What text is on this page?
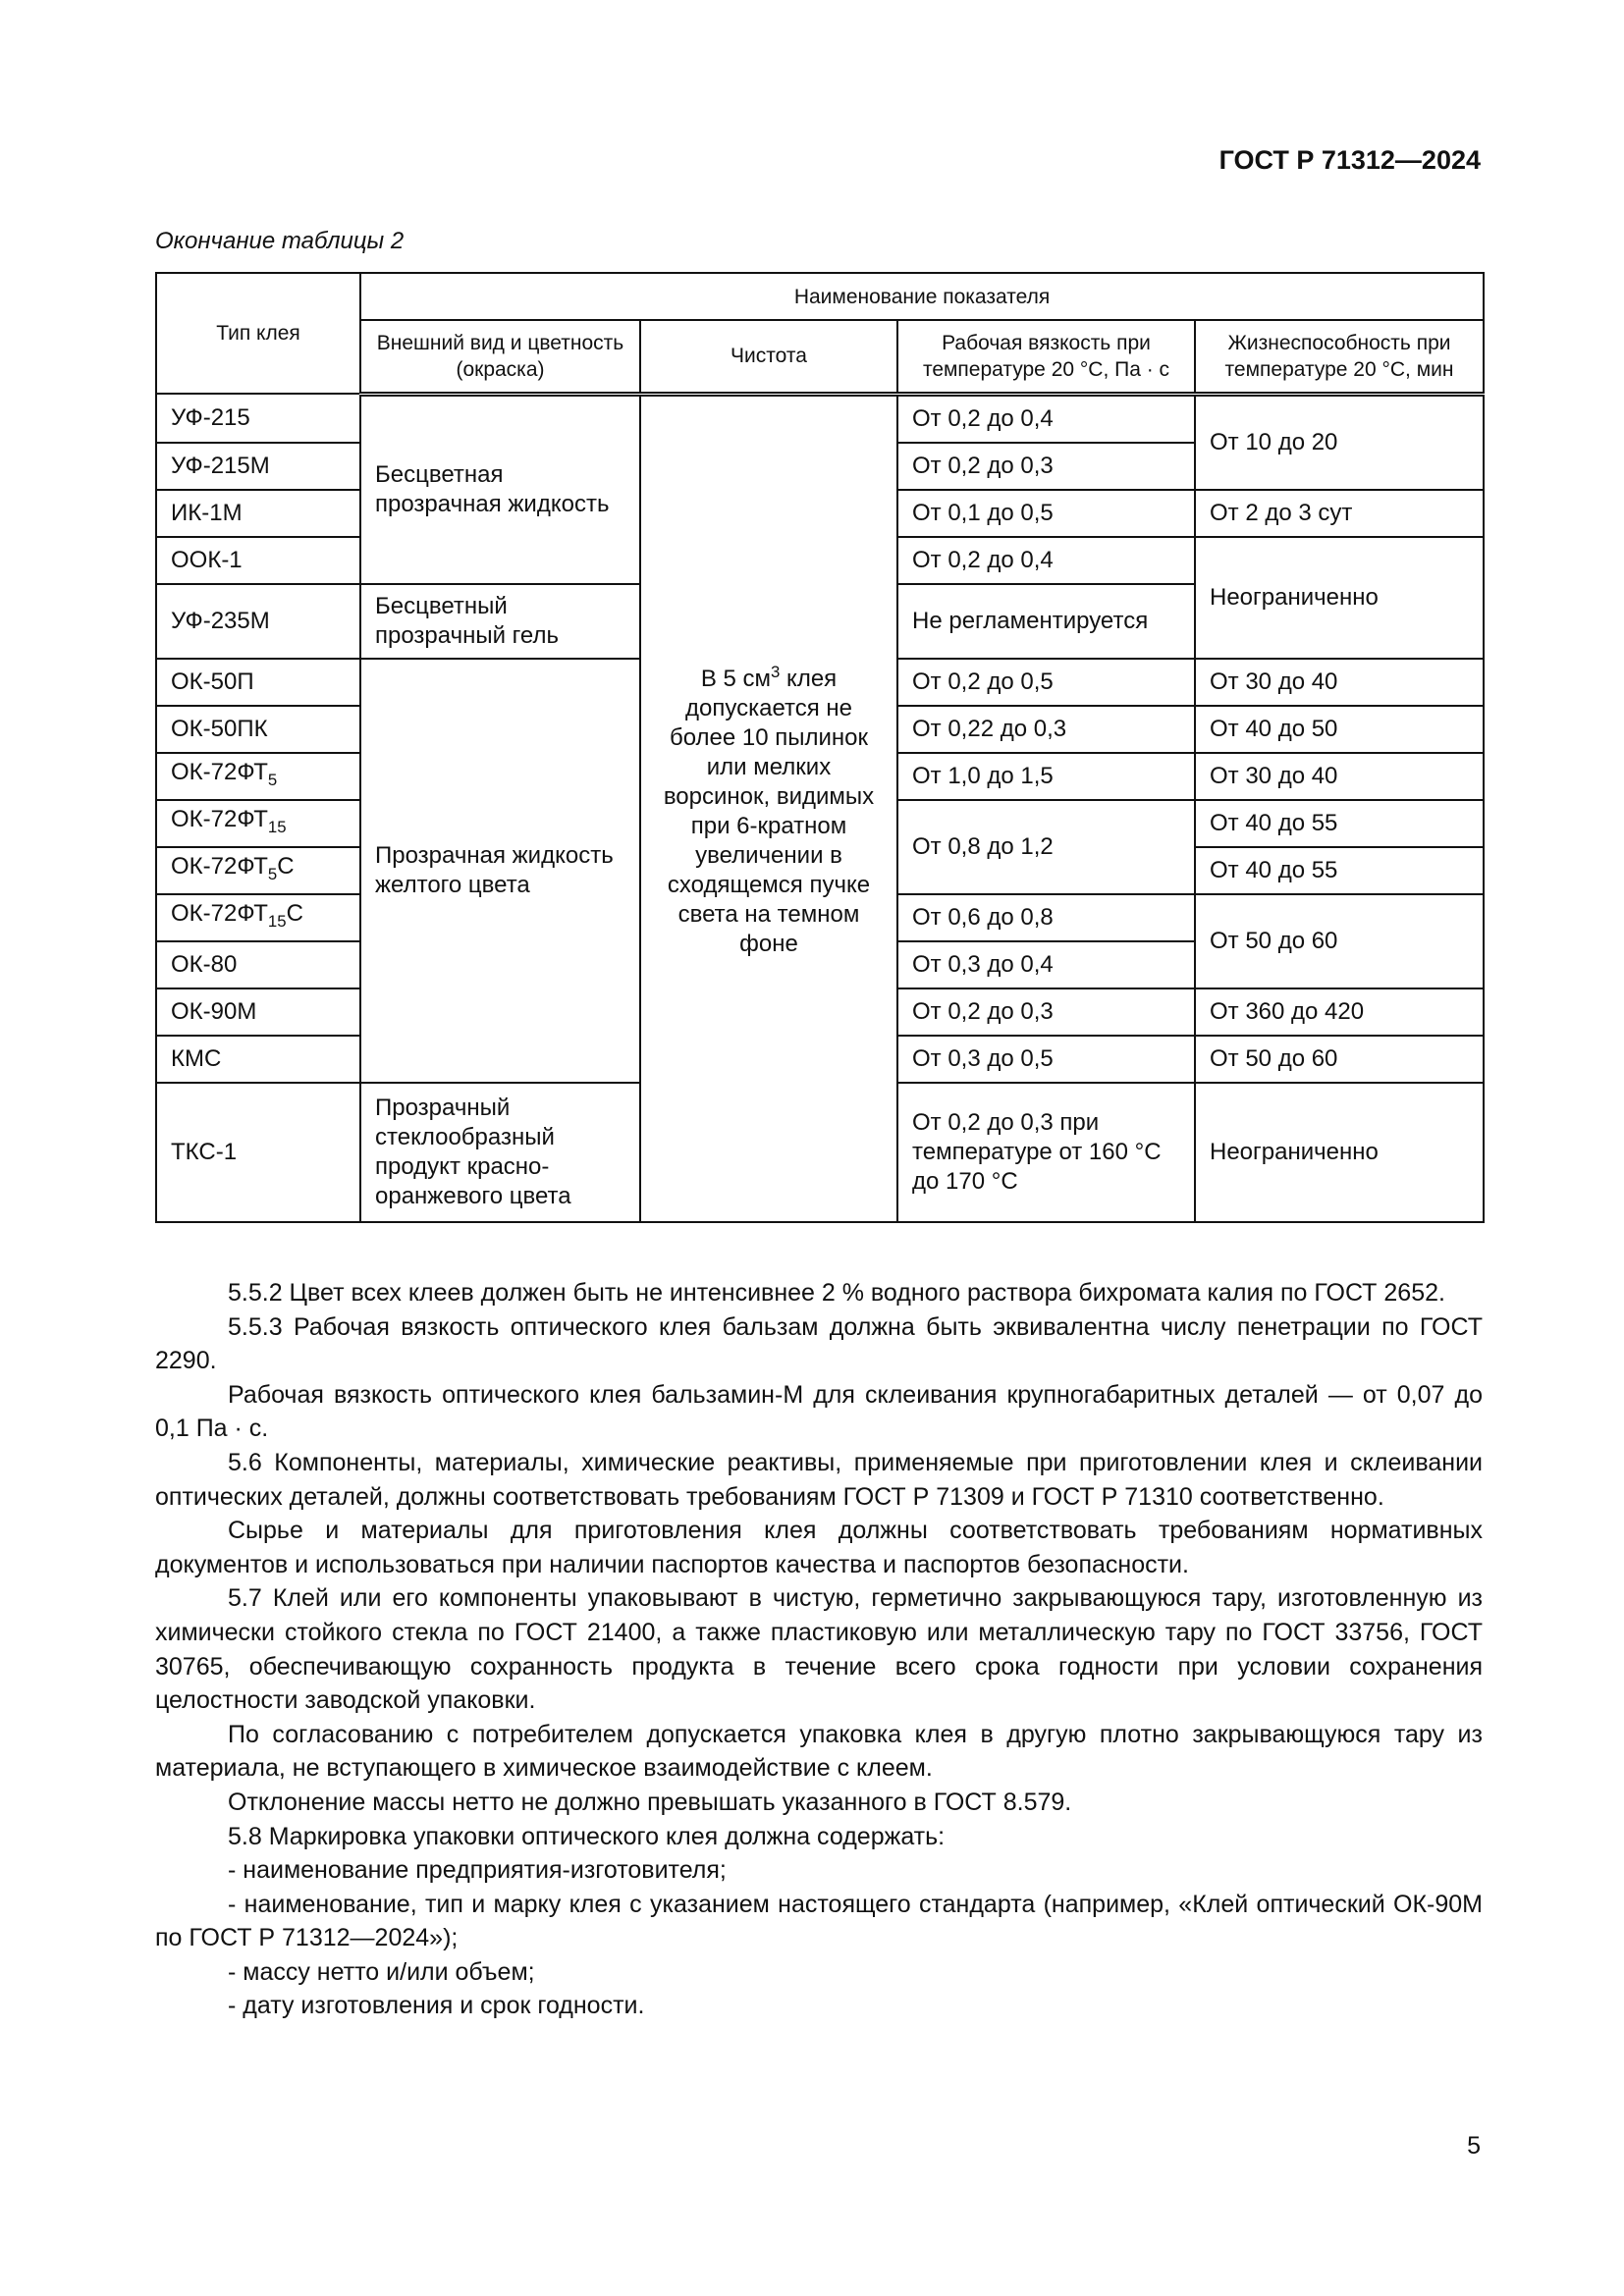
ГОСТ Р 71312—2024
Окончание таблицы 2
Тип клея	Наименование показателя			
	Внешний вид и цветность (окраска)	Чистота	Рабочая вязкость при температуре 20 °С, Па · с	Жизнеспособность при температуре 20 °С, мин
УФ-215	Бесцветная прозрачная жидкость	В 5 $см^3$ клея допускается не более 10 пылинок или мелких ворсинок, видимых при 6-кратном увеличении в сходящемся пучке света на темном фоне	От 0,2 до 0,4	От 10 до 20
УФ-215М			От 0,2 до 0,3	
ИК-1М			От 0,1 до 0,5	От 2 до 3 сут
ООК-1			От 0,2 до 0,4	Неограниченно
УФ-235М	Бесцветный прозрачный гель		Не регламентируется	
ОК-50П	Прозрачная жидкость желтого цвета		От 0,2 до 0,5	От 30 до 40
ОК-50ПК			От 0,22 до 0,3	От 40 до 50
$ОК-72ФТ_5$			От 1,0 до 1,5	От 30 до 40
$ОК-72ФТ_{15}$			От 0,8 до 1,2	От 40 до 55
$ОК-72ФТ_5С$				От 40 до 55
$ОК-72ФТ_{15}С$			От 0,6 до 0,8	От 50 до 60
ОК-80			От 0,3 до 0,4	
ОК-90М			От 0,2 до 0,3	От 360 до 420
КМС			От 0,3 до 0,5	От 50 до 60
ТКС-1	Прозрачный стеклообразный продукт красно-оранжевого цвета		От 0,2 до 0,3 при температуре от 160 °С до 170 °С	Неограниченно

5.5.2 Цвет всех клеев должен быть не интенсивнее 2 % водного раствора бихромата калия по ГОСТ 2652.

5.5.3 Рабочая вязкость оптического клея бальзам должна быть эквивалентна числу пенетрации по ГОСТ 2290.

Рабочая вязкость оптического клея бальзамин-М для склеивания крупногабаритных деталей — от 0,07 до 0,1 Па · с.

5.6 Компоненты, материалы, химические реактивы, применяемые при приготовлении клея и склеивании оптических деталей, должны соответствовать требованиям ГОСТ Р 71309 и ГОСТ Р 71310 соответственно.

Сырье и материалы для приготовления клея должны соответствовать требованиям нормативных документов и использоваться при наличии паспортов качества и паспортов безопасности.

5.7 Клей или его компоненты упаковывают в чистую, герметично закрывающуюся тару, изготовленную из химически стойкого стекла по ГОСТ 21400, а также пластиковую или металлическую тару по ГОСТ 33756, ГОСТ 30765, обеспечивающую сохранность продукта в течение всего срока годности при условии сохранения целостности заводской упаковки.

По согласованию с потребителем допускается упаковка клея в другую плотно закрывающуюся тару из материала, не вступающего в химическое взаимодействие с клеем.

Отклонение массы нетто не должно превышать указанного в ГОСТ 8.579.

5.8 Маркировка упаковки оптического клея должна содержать:

- наименование предприятия-изготовителя;

- наименование, тип и марку клея с указанием настоящего стандарта (например, «Клей оптический ОК-90М по ГОСТ Р 71312—2024»);

- массу нетто и/или объем;

- дату изготовления и срок годности.

5
